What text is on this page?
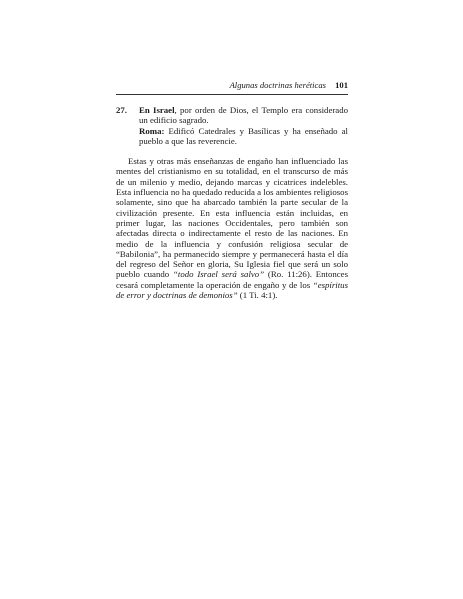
Algunas doctrinas heréticas 101
27. En Israel, por orden de Dios, el Templo era considerado un edificio sagrado.

Roma: Edificó Catedrales y Basílicas y ha enseñado al pueblo a que las reverencie.

Estas y otras más enseñanzas de engaño han influenciado las mentes del cristianismo en su totalidad, en el transcurso de más de un milenio y medio, dejando marcas y cicatrices indelebles. Esta influencia no ha quedado reducida a los ambientes religiosos solamente, sino que ha abarcado también la parte secular de la civilización presente. En esta influencia están incluidas, en primer lugar, las naciones Occidentales, pero también son afectadas directa o indirectamente el resto de las naciones. En medio de la influencia y confusión religiosa secular de “Babilonia”, ha permanecido siempre y permanecerá hasta el día del regreso del Señor en gloria, Su Iglesia fiel que será un solo pueblo cuando “todo Israel será salvo” (Ro. 11:26). Entonces cesará completamente la operación de engaño y de los “espíritus de error y doctrinas de demonios” (1 Ti. 4:1).
